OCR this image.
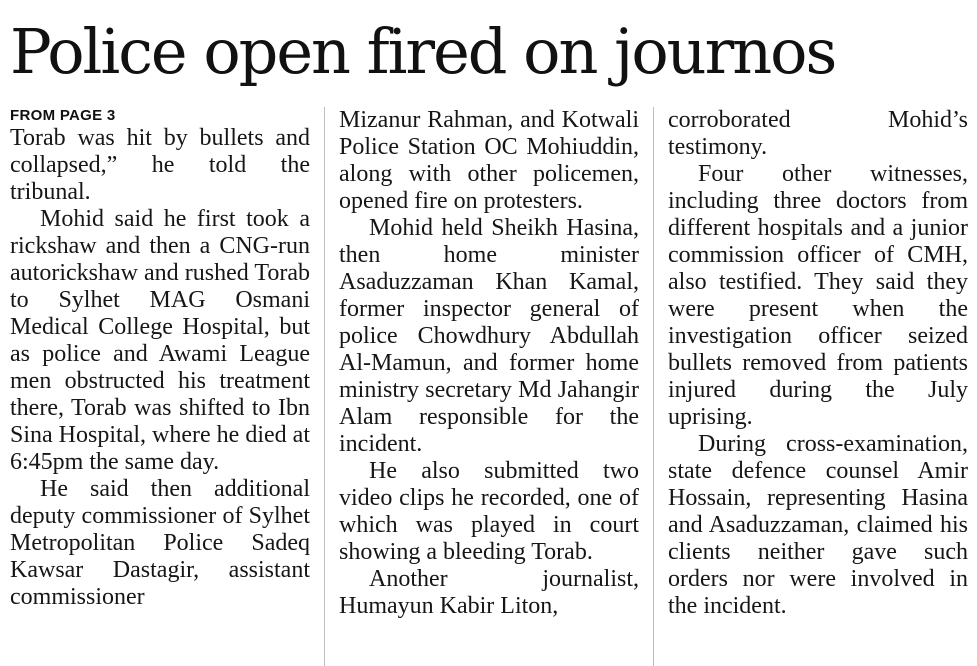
Police open fired on journos
FROM PAGE 3

Torab was hit by bullets and collapsed,” he told the tribunal.

Mohid said he first took a rickshaw and then a CNG-run autorickshaw and rushed Torab to Sylhet MAG Osmani Medical College Hospital, but as police and Awami League men obstructed his treatment there, Torab was shifted to Ibn Sina Hospital, where he died at 6:45pm the same day.

He said then additional deputy commissioner of Sylhet Metropolitan Police Sadeq Kawsar Dastagir, assistant commissioner

Mizanur Rahman, and Kotwali Police Station OC Mohiuddin, along with other policemen, opened fire on protesters.

Mohid held Sheikh Hasina, then home minister Asaduzzaman Khan Kamal, former inspector general of police Chowdhury Abdullah Al-Mamun, and former home ministry secretary Md Jahangir Alam responsible for the incident.

He also submitted two video clips he recorded, one of which was played in court showing a bleeding Torab.

Another journalist, Humayun Kabir Liton,

corroborated Mohid’s testimony.

Four other witnesses, including three doctors from different hospitals and a junior commission officer of CMH, also testified. They said they were present when the investigation officer seized bullets removed from patients injured during the July uprising.

During cross-examination, state defence counsel Amir Hossain, representing Hasina and Asaduzzaman, claimed his clients neither gave such orders nor were involved in the incident.
